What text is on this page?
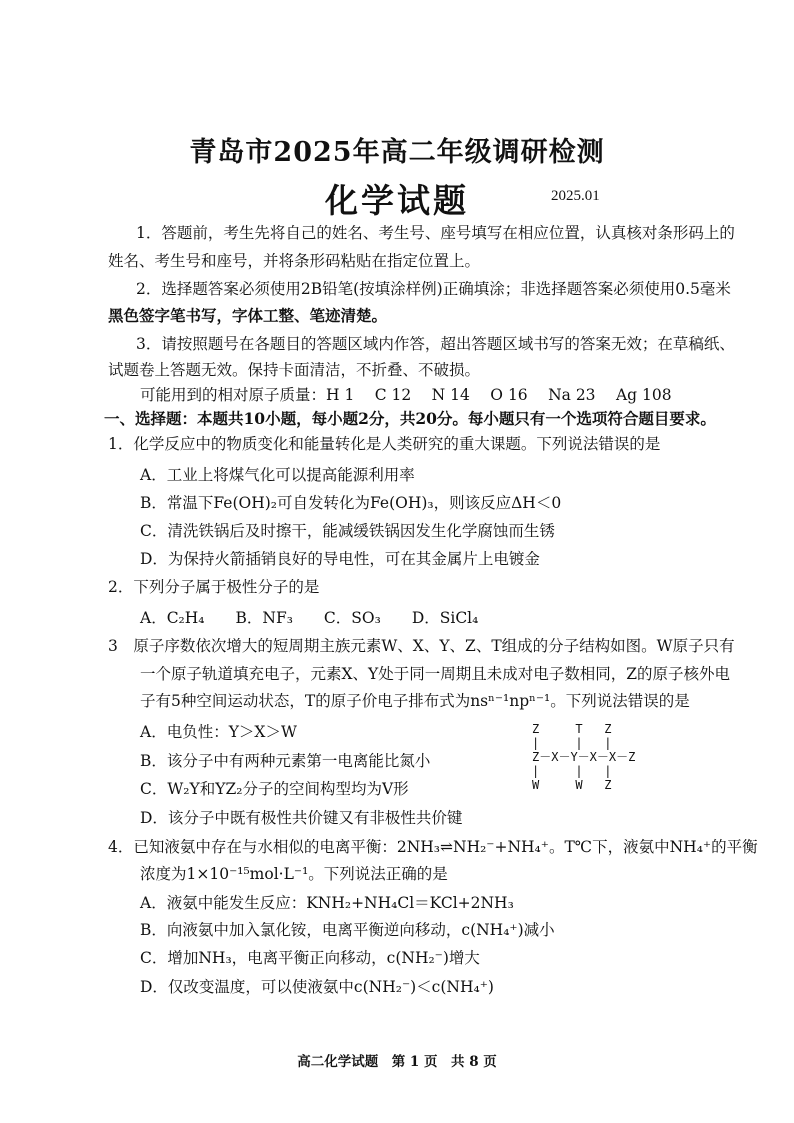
青岛市2025年高二年级调研检测
化学试题	2025.01
1．答题前，考生先将自己的姓名、考生号、座号填写在相应位置，认真核对条形码上的
姓名、考生号和座号，并将条形码粘贴在指定位置上。
2．选择题答案必须使用2B铅笔(按填涂样例)正确填涂；非选择题答案必须使用0.5毫米
黑色签字笔书写，字体工整、笔迹清楚。
3．请按照题号在各题目的答题区域内作答，超出答题区域书写的答案无效；在草稿纸、
试题卷上答题无效。保持卡面清洁，不折叠、不破损。
可能用到的相对原子质量：H 1　 C 12　 N 14　 O 16　 Na 23　 Ag 108
一、选择题：本题共10小题，每小题2分，共20分。每小题只有一个选项符合题目要求。
1．化学反应中的物质变化和能量转化是人类研究的重大课题。下列说法错误的是
A．工业上将煤气化可以提高能源利用率
B．常温下Fe(OH)₂可自发转化为Fe(OH)₃，则该反应ΔH＜0
C．清洗铁锅后及时擦干，能减缓铁锅因发生化学腐蚀而生锈
D．为保持火箭插销良好的导电性，可在其金属片上电镀金
2．下列分子属于极性分子的是
A．C₂H₄　　B．NF₃　　C．SO₃　　D．SiCl₄
3　原子序数依次增大的短周期主族元素W、X、Y、Z、T组成的分子结构如图。W原子只有
一个原子轨道填充电子，元素X、Y处于同一周期且未成对电子数相同，Z的原子核外电
子有5种空间运动状态，T的原子价电子排布式为nsⁿ⁻¹npⁿ⁻¹。下列说法错误的是
A．电负性：Y＞X＞W
B．该分子中有两种元素第一电离能比氮小
C．W₂Y和YZ₂分子的空间构型均为V形
D．该分子中既有极性共价键又有非极性共价键
Z     T   Z
|     |   |
Z－X－Y－X－X－Z
|     |   |
W     W   Z
4．已知液氨中存在与水相似的电离平衡：2NH₃⇌NH₂⁻+NH₄⁺。T℃下，液氨中NH₄⁺的平衡
浓度为1×10⁻¹⁵mol·L⁻¹。下列说法正确的是
A．液氨中能发生反应：KNH₂+NH₄Cl＝KCl+2NH₃
B．向液氨中加入氯化铵，电离平衡逆向移动，c(NH₄⁺)减小
C．增加NH₃，电离平衡正向移动，c(NH₂⁻)增大
D．仅改变温度，可以使液氨中c(NH₂⁻)＜c(NH₄⁺)
高二化学试题　第 1 页　共 8 页
